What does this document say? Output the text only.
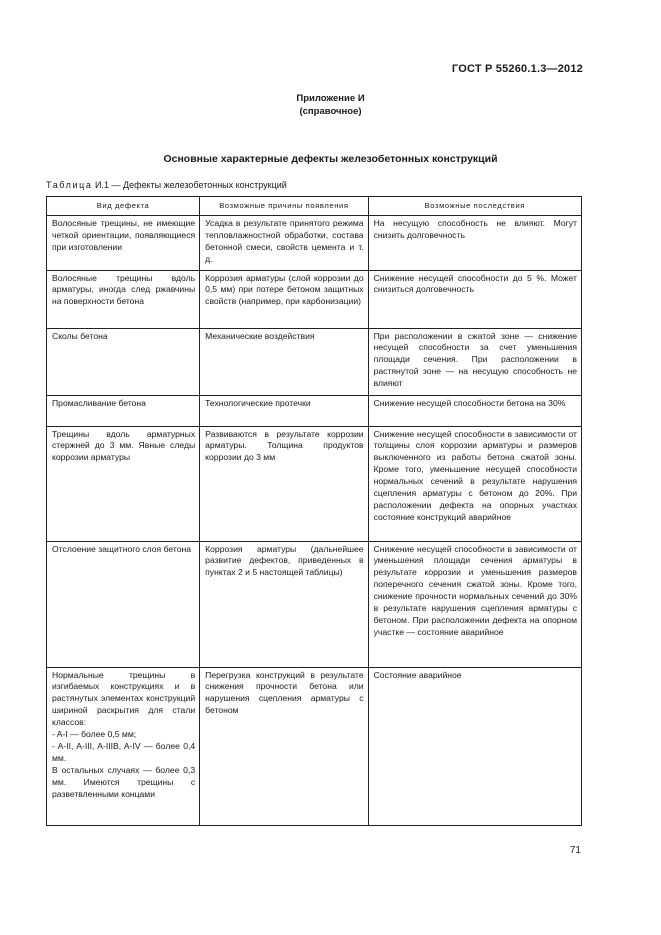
ГОСТ Р 55260.1.3—2012
Приложение И
(справочное)
Основные характерные дефекты железобетонных конструкций
Таблица И.1 — Дефекты железобетонных конструкций
Вид дефекта	Возможные причины появления	Возможные последствия

Волосяные трещины, не имеющие четкой ориентации, появляющиеся при изготовлении	Усадка в результате принятого режима тепловлажностной обработки, состава бетонной смеси, свойств цемента и т. д.	На несущую способность не влияют. Могут снизить долговечность

Волосяные трещины вдоль арматуры, иногда след ржавчины на поверхности бетона	Коррозия арматуры (слой коррозии до 0,5 мм) при потере бетоном защитных свойств (например, при карбонизации)	Снижение несущей способности до 5 %. Может снизиться долговечность

Сколы бетона	Механические воздействия	При расположении в сжатой зоне — снижение несущей способности за счет уменьшения площади сечения. При расположении в растянутой зоне — на несущую способность не влияют

Промасливание бетона	Технологические протечки	Снижение несущей способности бетона на 30%

Трещины вдоль арматурных стержней до 3 мм. Явные следы коррозии арматуры	Развиваются в результате коррозии арматуры. Толщина продуктов коррозии до 3 мм	Снижение несущей способности в зависимости от толщины слоя коррозии арматуры и размеров выключенного из работы бетона сжатой зоны. Кроме того, уменьшение несущей способности нормальных сечений в результате нарушения сцепления арматуры с бетоном до 20%. При расположении дефекта на опорных участках состояние конструкций аварийное

Отслоение защитного слоя бетона	Коррозия арматуры (дальнейшее развитие дефектов, приведенных в пунктах 2 и 5 настоящей таблицы)	Снижение несущей способности в зависимости от уменьшения площади сечения арматуры в результате коррозии и уменьшения размеров поперечного сечения сжатой зоны. Кроме того, снижение прочности нормальных сечений до 30% в результате нарушения сцепления арматуры с бетоном. При расположении дефекта на опорном участке — состояние аварийное

Нормальные трещины в изгибаемых конструкциях и в растянутых элементах конструкций шириной раскрытия для стали классов:
- A-I — более 0,5 мм;
- A-II, A-III, A-IIIB, A-IV — более 0,4 мм.
В остальных случаях — более 0,3 мм. Имеются трещины с разветвленными концами	Перегрузка конструкций в результате снижения прочности бетона или нарушения сцепления арматуры с бетоном	Состояние аварийное
71
